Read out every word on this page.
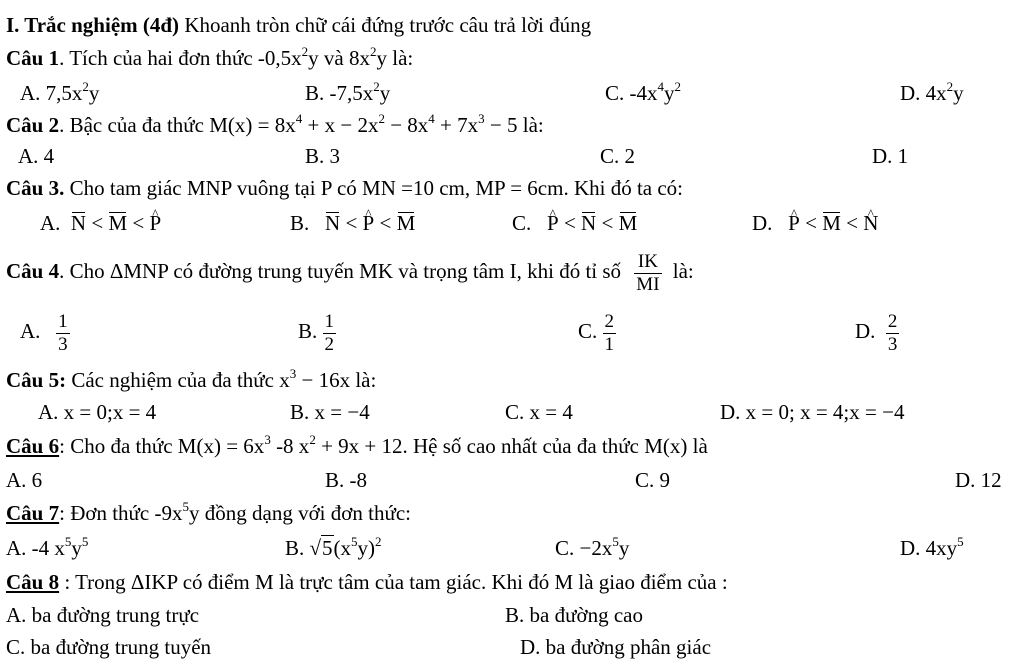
I. Trắc nghiệm (4đ) Khoanh tròn chữ cái đứng trước câu trả lời đúng
Câu 1. Tích của hai đơn thức $-0,5x^2y$ và $8x^2y$ là:
A. $7,5x^2y$	B. $-7,5x^2y$	C. $-4x^4y^2$	D. $4x^2y$
Câu 2. Bậc của đa thức $M(x) = 8x^4 + x - 2x^2 - 8x^4 + 7x^3 - 5$ là:
A. 4	B. 3	C. 2	D. 1
Câu 3. Cho tam giác MNP vuông tại P có MN =10 cm, MP = 6cm. Khi đó ta có:
A. N < M < ^ P	B. N < ^ P < M	C. ^ P < N < M	D. ^ P < M < ^ N
Câu 4. Cho ΔMNP có đường trung tuyến MK và trọng tâm I, khi đó tỉ số $\frac{IK}{MI}$ là:
A. $\frac{1}{3}$	B. $\frac{1}{2}$	C. $\frac{2}{1}$	D. $\frac{2}{3}$
Câu 5: Các nghiệm của đa thức $x^3 - 16x$ là:
A. x = 0;x = 4	B. x = −4	C. x = 4	D. x = 0; x = 4;x = −4
Câu 6: Cho đa thức $M(x) = 6x^3$ -8 $x^2 + 9x + 12$. Hệ số cao nhất của đa thức M(x) là
A. 6	B. -8	C. 9	D. 12
Câu 7: Đơn thức $-9x^5y$ đồng dạng với đơn thức:
A. -4 $x^5y^5$	B. $√5(x^5y)^2$	C. $-2x^5y$	D. $4xy^5$
Câu 8 : Trong ΔIKP có điểm M là trực tâm của tam giác. Khi đó M là giao điểm của :
A. ba đường trung trực	B. ba đường cao
C. ba đường trung tuyến	D. ba đường phân giác
